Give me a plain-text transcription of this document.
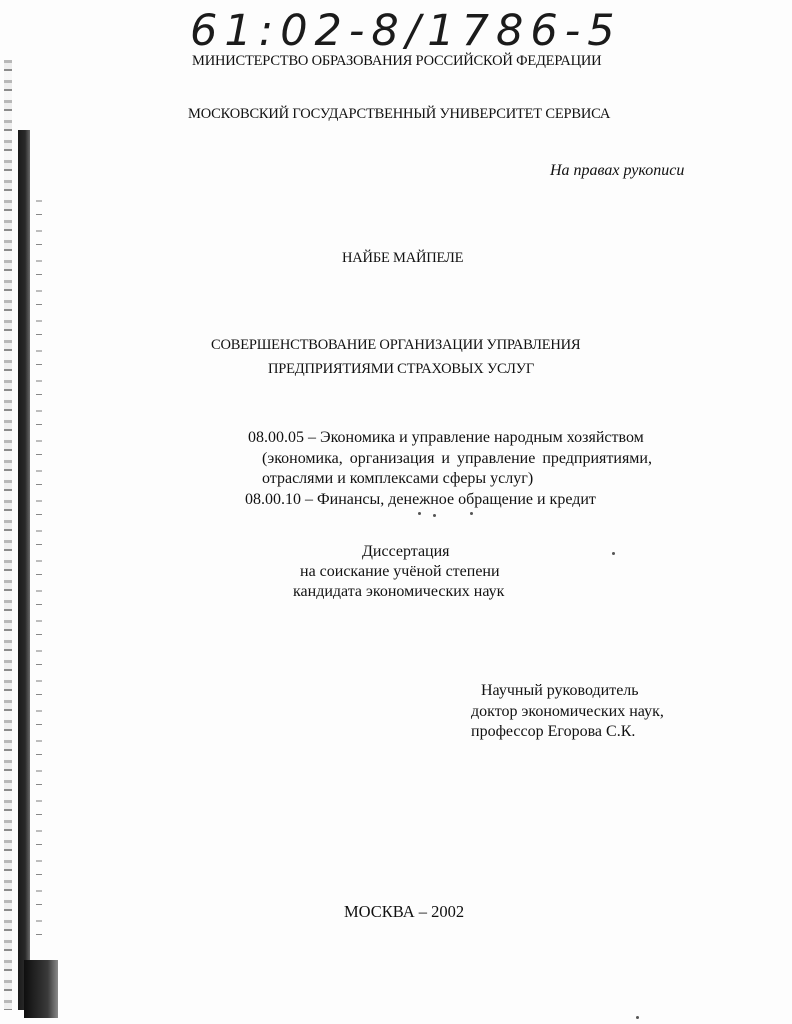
61:02-8/1786-5
МИНИСТЕРСТВО ОБРАЗОВАНИЯ РОССИЙСКОЙ ФЕДЕРАЦИИ
МОСКОВСКИЙ ГОСУДАРСТВЕННЫЙ УНИВЕРСИТЕТ СЕРВИСА
На правах рукописи
НАЙБЕ МАЙПЕЛЕ
СОВЕРШЕНСТВОВАНИЕ ОРГАНИЗАЦИИ УПРАВЛЕНИЯ
ПРЕДПРИЯТИЯМИ СТРАХОВЫХ УСЛУГ
08.00.05 – Экономика и управление народным хозяйством
(экономика, организация и управление предприятиями,
отраслями и комплексами сферы услуг)
08.00.10 – Финансы, денежное обращение и кредит
Диссертация
на соискание учёной степени
кандидата экономических наук
Научный руководитель
доктор экономических наук,
профессор Егорова С.К.
МОСКВА – 2002
